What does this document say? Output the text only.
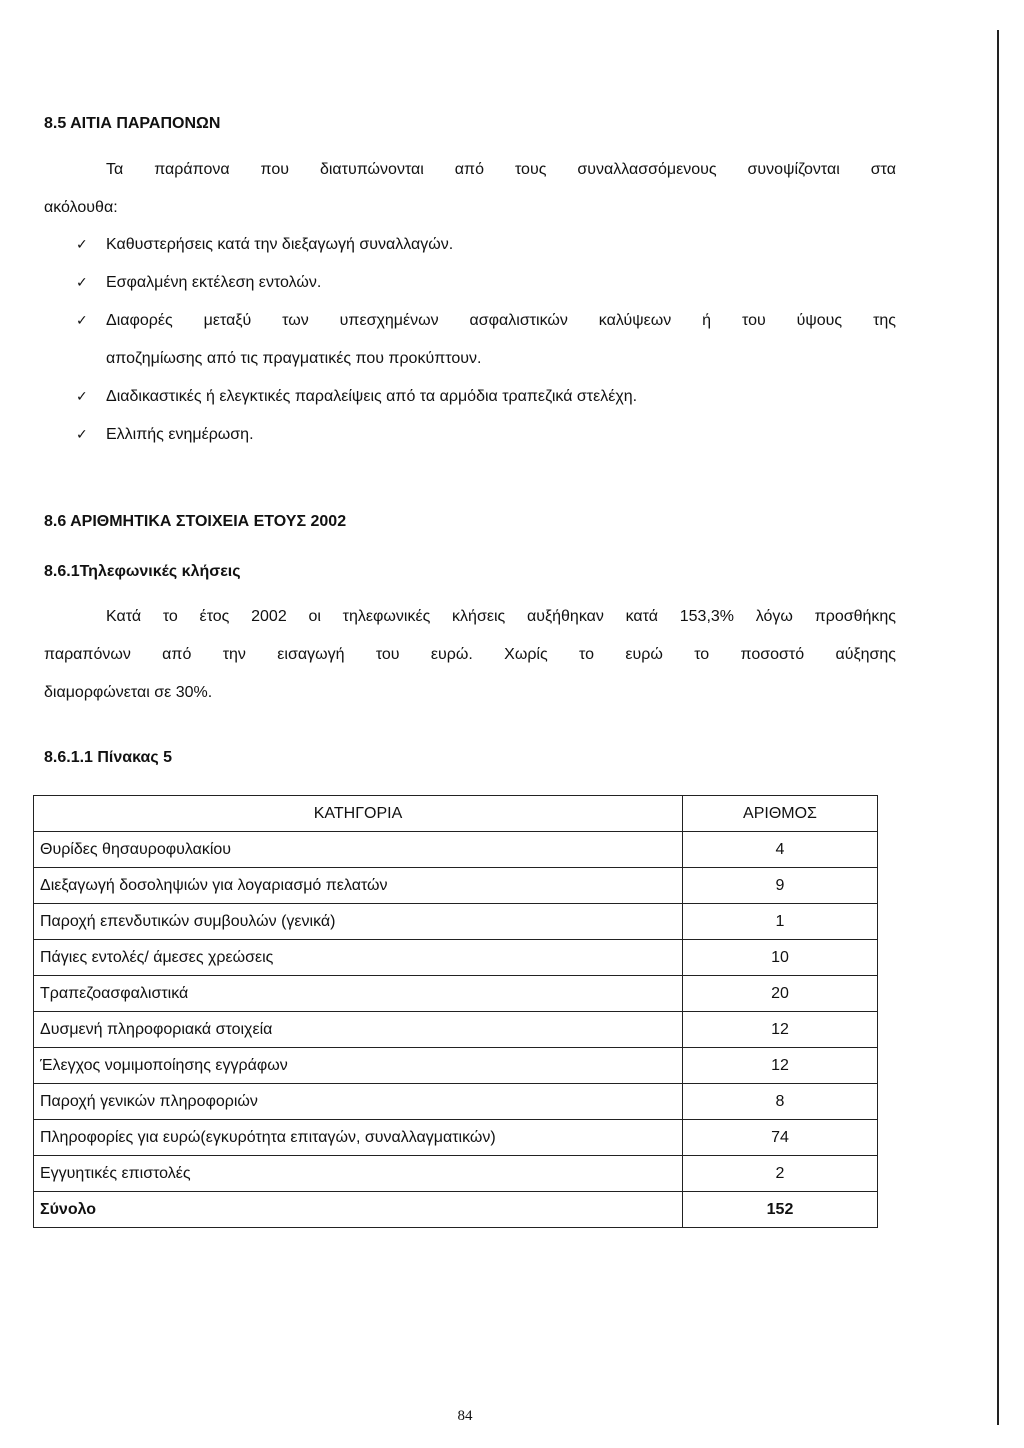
8.5 ΑΙΤΙΑ ΠΑΡΑΠΟΝΩΝ
Τα παράπονα που διατυπώνονται από τους συναλλασσόμενους συνοψίζονται στα
ακόλουθα:
✓	Καθυστερήσεις κατά την διεξαγωγή συναλλαγών.
✓	Εσφαλμένη εκτέλεση εντολών.
✓	Διαφορές μεταξύ των υπεσχημένων ασφαλιστικών καλύψεων ή του ύψους της
αποζημίωσης από τις πραγματικές που προκύπτουν.
✓	Διαδικαστικές ή ελεγκτικές παραλείψεις από τα αρμόδια τραπεζικά στελέχη.
✓	Ελλιπής ενημέρωση.
8.6 ΑΡΙΘΜΗΤΙΚΑ ΣΤΟΙΧΕΙΑ ΕΤΟΥΣ 2002
8.6.1Τηλεφωνικές κλήσεις
Κατά το έτος 2002 οι τηλεφωνικές κλήσεις αυξήθηκαν κατά 153,3% λόγω προσθήκης
παραπόνων από την εισαγωγή του ευρώ. Χωρίς το ευρώ το ποσοστό αύξησης
διαμορφώνεται σε 30%.
8.6.1.1 Πίνακας 5
ΚΑΤΗΓΟΡΙΑ	ΑΡΙΘΜΟΣ
Θυρίδες θησαυροφυλακίου	4
Διεξαγωγή δοσοληψιών για λογαριασμό πελατών	9
Παροχή επενδυτικών συμβουλών (γενικά)	1
Πάγιες εντολές/ άμεσες χρεώσεις	10
Τραπεζοασφαλιστικά	20
Δυσμενή πληροφοριακά στοιχεία	12
Έλεγχος νομιμοποίησης εγγράφων	12
Παροχή γενικών πληροφοριών	8
Πληροφορίες για ευρώ(εγκυρότητα επιταγών, συναλλαγματικών)	74
Εγγυητικές επιστολές	2
Σύνολο	152
84
